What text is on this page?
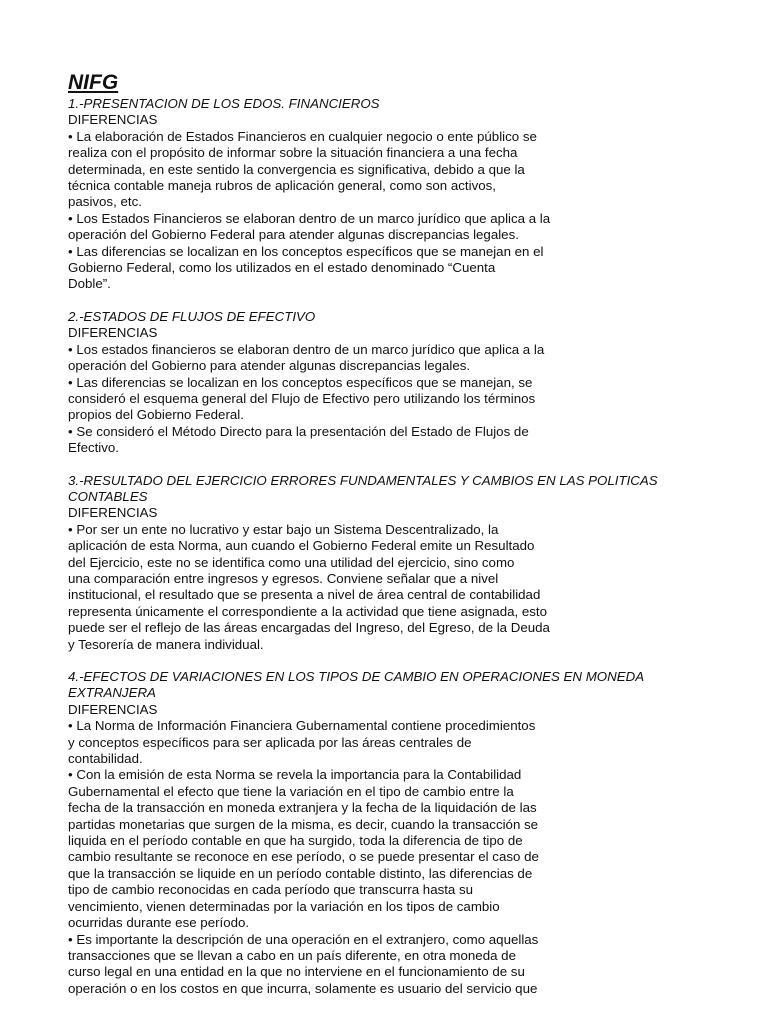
NIFG

1.-PRESENTACION DE LOS EDOS. FINANCIEROS

DIFERENCIAS

• La elaboración de Estados Financieros en cualquier negocio o ente público se

realiza con el propósito de informar sobre la situación financiera a una fecha

determinada, en este sentido la convergencia es significativa, debido a que la

técnica contable maneja rubros de aplicación general, como son activos,

pasivos, etc.

• Los Estados Financieros se elaboran dentro de un marco jurídico que aplica a la

operación del Gobierno Federal para atender algunas discrepancias legales.

• Las diferencias se localizan en los conceptos específicos que se manejan en el

Gobierno Federal, como los utilizados en el estado denominado “Cuenta

Doble”.

2.-ESTADOS DE FLUJOS DE EFECTIVO

DIFERENCIAS

• Los estados financieros se elaboran dentro de un marco jurídico que aplica a la

operación del Gobierno para atender algunas discrepancias legales.

• Las diferencias se localizan en los conceptos específicos que se manejan, se

consideró el esquema general del Flujo de Efectivo pero utilizando los términos

propios del Gobierno Federal.

• Se consideró el Método Directo para la presentación del Estado de Flujos de

Efectivo.

3.-RESULTADO DEL EJERCICIO ERRORES FUNDAMENTALES Y CAMBIOS EN LAS POLITICAS CONTABLES

DIFERENCIAS

• Por ser un ente no lucrativo y estar bajo un Sistema Descentralizado, la

aplicación de esta Norma, aun cuando el Gobierno Federal emite un Resultado

del Ejercicio, este no se identifica como una utilidad del ejercicio, sino como

una comparación entre ingresos y egresos. Conviene señalar que a nivel

institucional, el resultado que se presenta a nivel de área central de contabilidad

representa únicamente el correspondiente a la actividad que tiene asignada, esto

puede ser el reflejo de las áreas encargadas del Ingreso, del Egreso, de la Deuda

y Tesorería de manera individual.

4.-EFECTOS DE VARIACIONES EN LOS TIPOS DE CAMBIO EN OPERACIONES EN MONEDA EXTRANJERA

DIFERENCIAS

• La Norma de Información Financiera Gubernamental contiene procedimientos

y conceptos específicos para ser aplicada por las áreas centrales de

contabilidad.

• Con la emisión de esta Norma se revela la importancia para la Contabilidad

Gubernamental el efecto que tiene la variación en el tipo de cambio entre la

fecha de la transacción en moneda extranjera y la fecha de la liquidación de las

partidas monetarias que surgen de la misma, es decir, cuando la transacción se

liquida en el período contable en que ha surgido, toda la diferencia de tipo de

cambio resultante se reconoce en ese período, o se puede presentar el caso de

que la transacción se liquide en un período contable distinto, las diferencias de

tipo de cambio reconocidas en cada período que transcurra hasta su

vencimiento, vienen determinadas por la variación en los tipos de cambio

ocurridas durante ese período.

• Es importante la descripción de una operación en el extranjero, como aquellas

transacciones que se llevan a cabo en un país diferente, en otra moneda de

curso legal en una entidad en la que no interviene en el funcionamiento de su

operación o en los costos en que incurra, solamente es usuario del servicio que
